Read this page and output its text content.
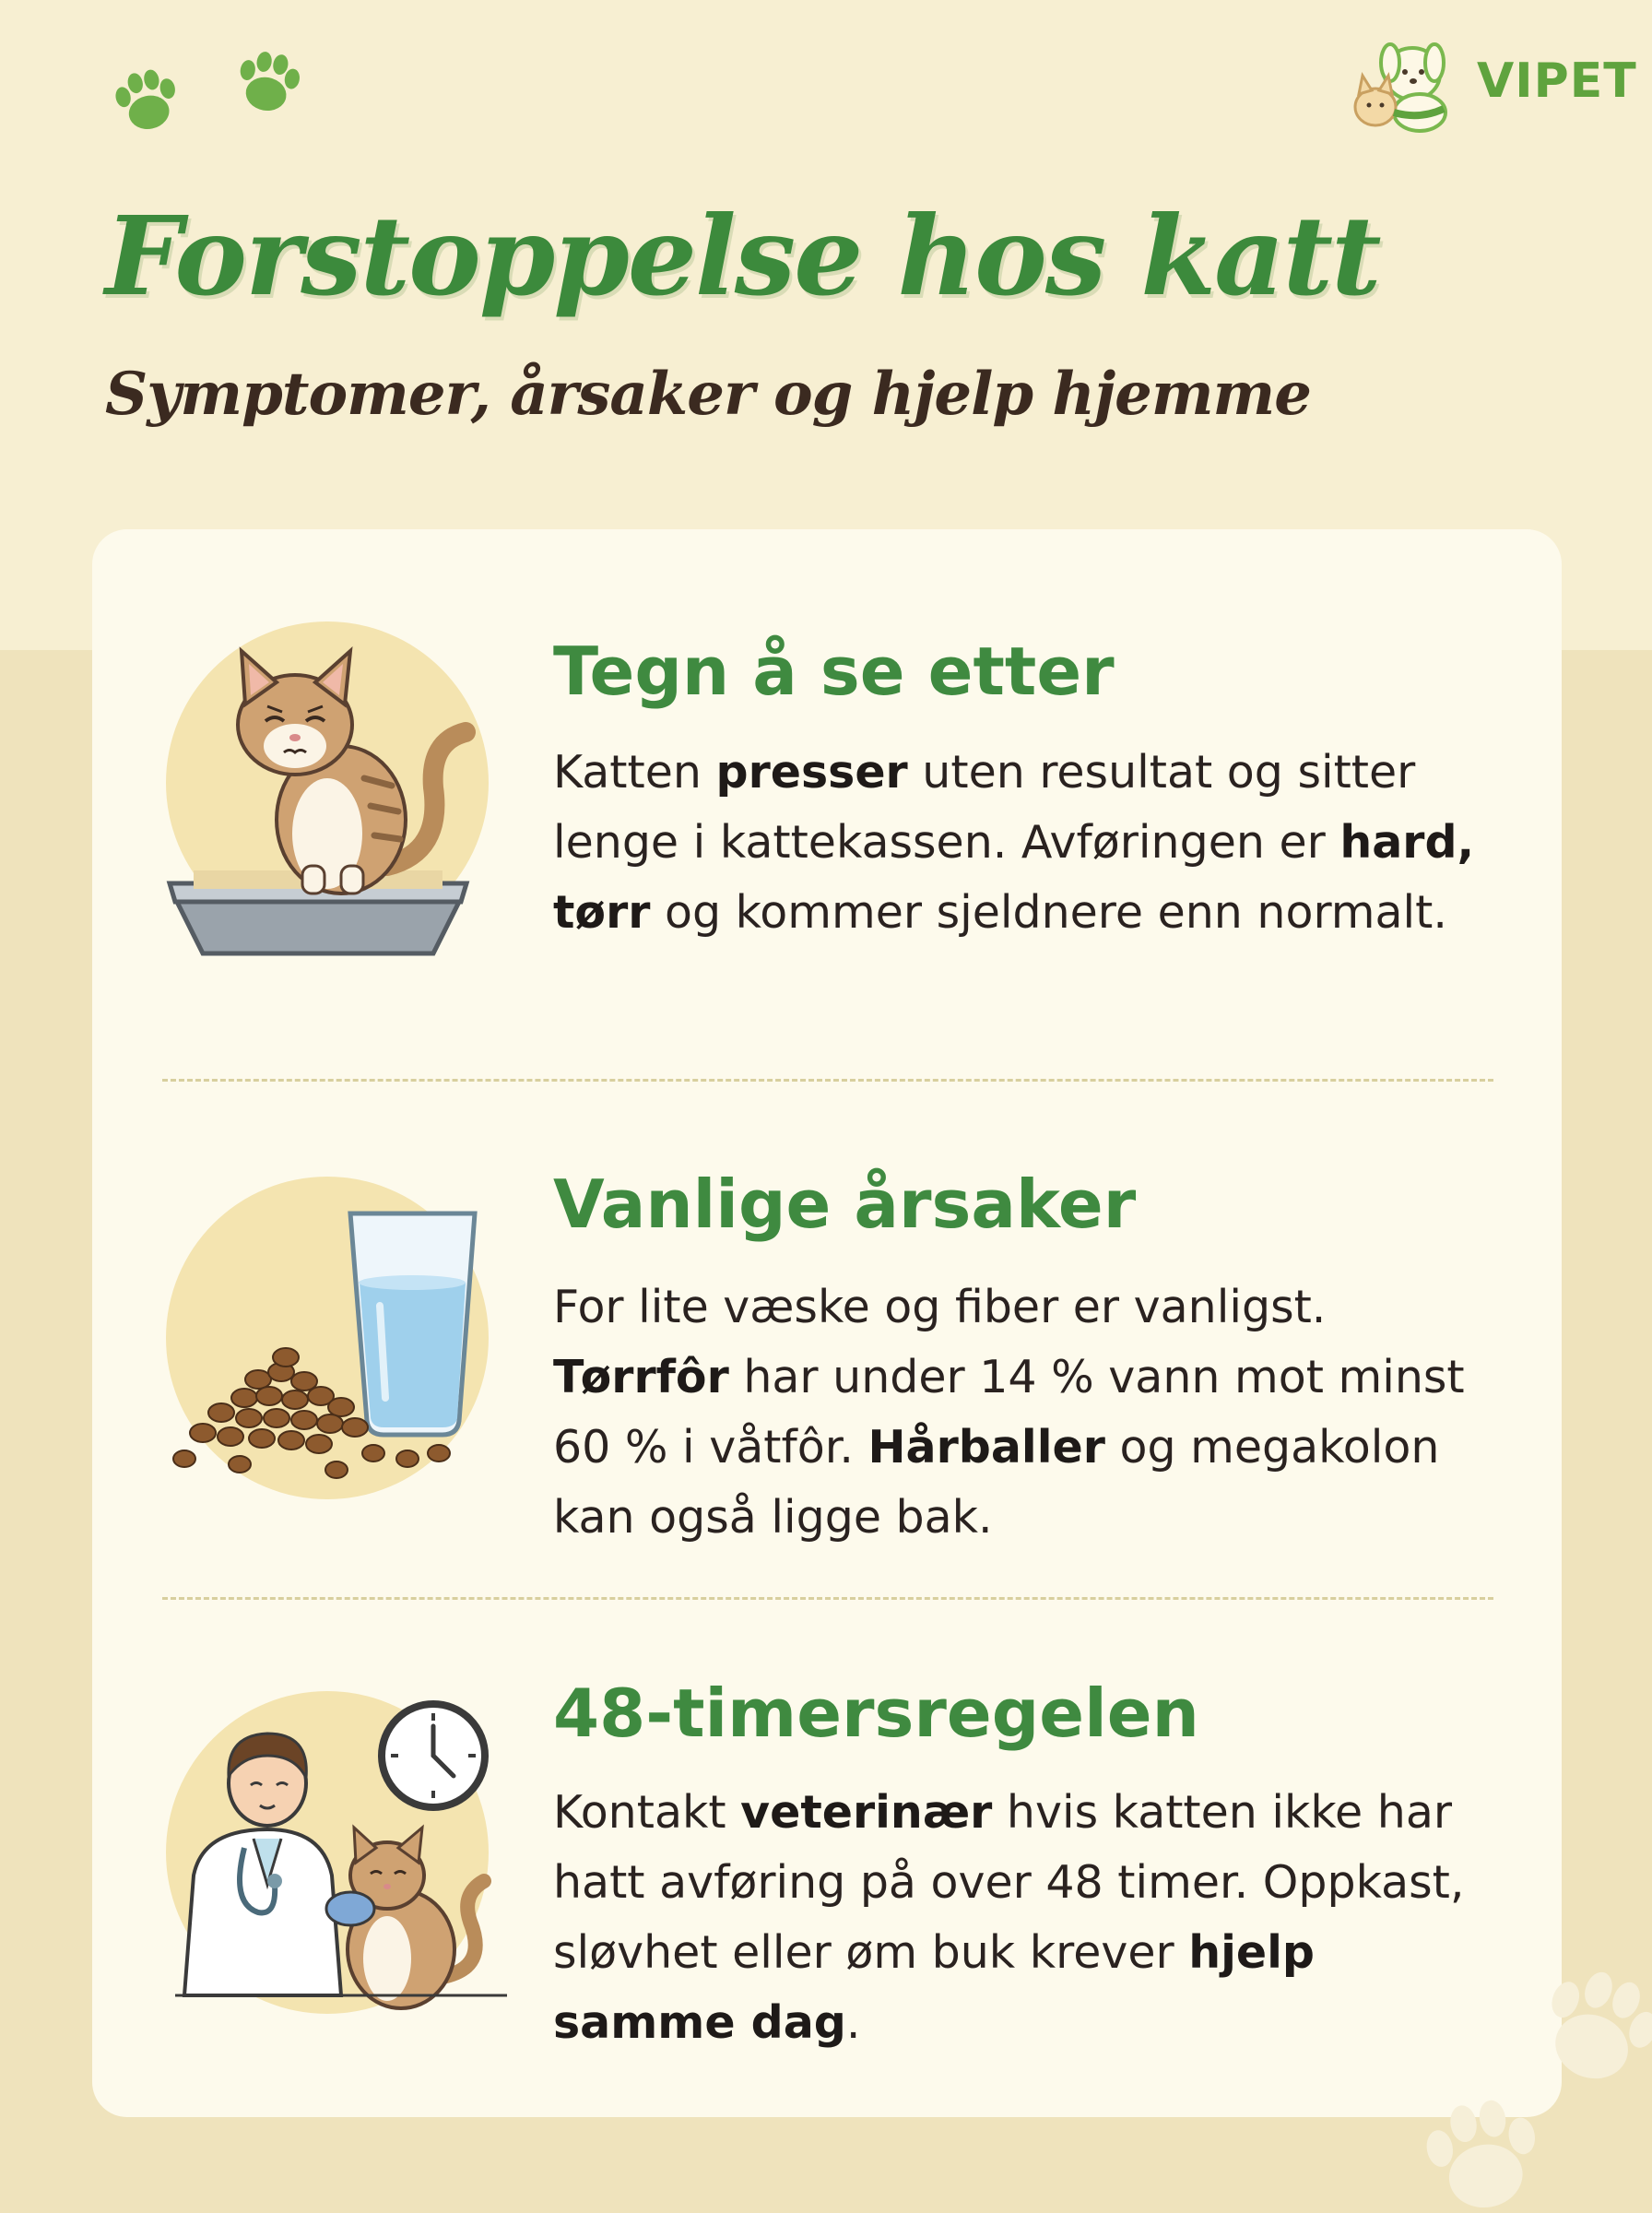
VIPET
Forstoppelse hos katt
Symptomer, årsaker og hjelp hjemme
Tegn å se etter

Katten presser uten resultat og sitter lenge i kattekassen. Avføringen er hard, tørr og kommer sjeldnere enn normalt.

Vanlige årsaker

For lite væske og fiber er vanligst. Tørrfôr har under 14 % vann mot minst 60 % i våtfôr. Hårballer og megakolon kan også ligge bak.

48-timersregelen

Kontakt veterinær hvis katten ikke har hatt avføring på over 48 timer. Oppkast, sløvhet eller øm buk krever hjelp samme dag.
